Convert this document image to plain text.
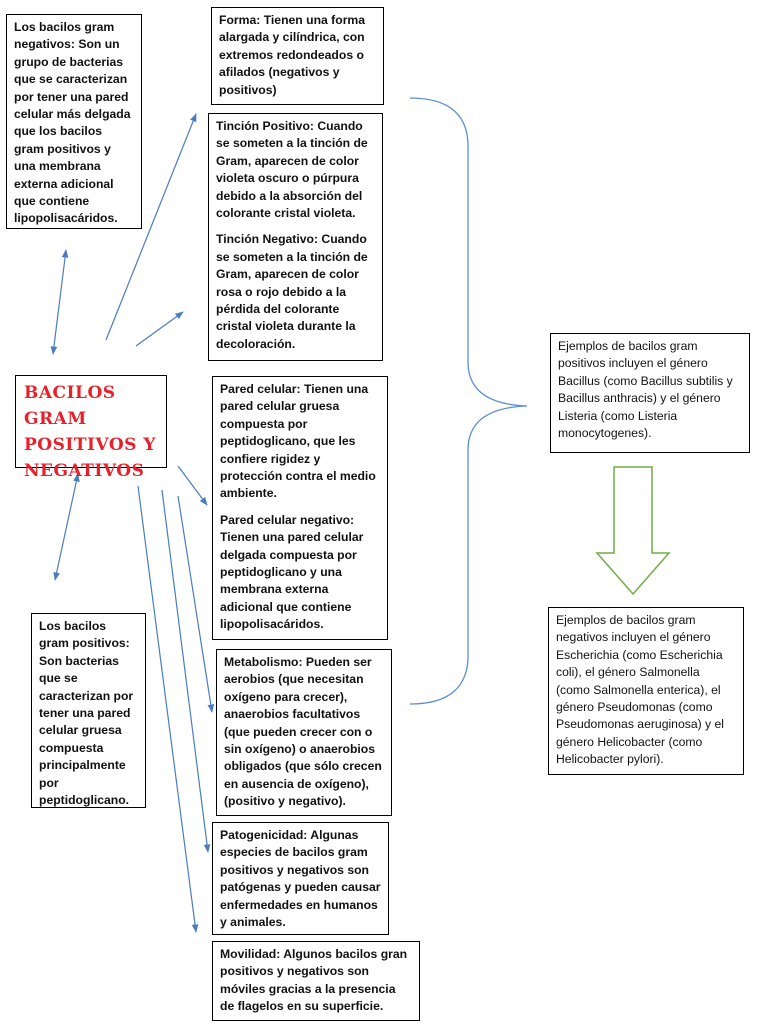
Los bacilos gram negativos: Son un grupo de bacterias que se caracterizan por tener una pared celular más delgada que los bacilos gram positivos y una membrana externa adicional que contiene lipopolisacáridos.

BACILOS GRAM
POSITIVOS Y
NEGATIVOS

Los bacilos gram positivos: Son bacterias que se caracterizan por tener una pared celular gruesa compuesta principalmente por peptidoglicano.

Forma: Tienen una forma alargada y cilíndrica, con extremos redondeados o afilados (negativos y positivos)

Tinción Positivo: Cuando se someten a la tinción de Gram, aparecen de color violeta oscuro o púrpura debido a la absorción del colorante cristal violeta.

Tinción Negativo: Cuando se someten a la tinción de Gram, aparecen de color rosa o rojo debido a la pérdida del colorante cristal violeta durante la decoloración.

Pared celular: Tienen una pared celular gruesa compuesta por peptidoglicano, que les confiere rigidez y protección contra el medio ambiente.

Pared celular negativo: Tienen una pared celular delgada compuesta por peptidoglicano y una membrana externa adicional que contiene lipopolisacáridos.

Metabolismo: Pueden ser aerobios (que necesitan oxígeno para crecer), anaerobios facultativos (que pueden crecer con o sin oxígeno) o anaerobios obligados (que sólo crecen en ausencia de oxígeno), (positivo y negativo).

Patogenicidad: Algunas especies de bacilos gram positivos y negativos son patógenas y pueden causar enfermedades en humanos y animales.

Movilidad: Algunos bacilos gran positivos y negativos son móviles gracias a la presencia de flagelos en su superficie.

Ejemplos de bacilos gram positivos incluyen el género Bacillus (como Bacillus subtilis y Bacillus anthracis) y el género Listeria (como Listeria monocytogenes).

Ejemplos de bacilos gram negativos incluyen el género Escherichia (como Escherichia coli), el género Salmonella (como Salmonella enterica), el género Pseudomonas (como Pseudomonas aeruginosa) y el género Helicobacter (como Helicobacter pylori).
